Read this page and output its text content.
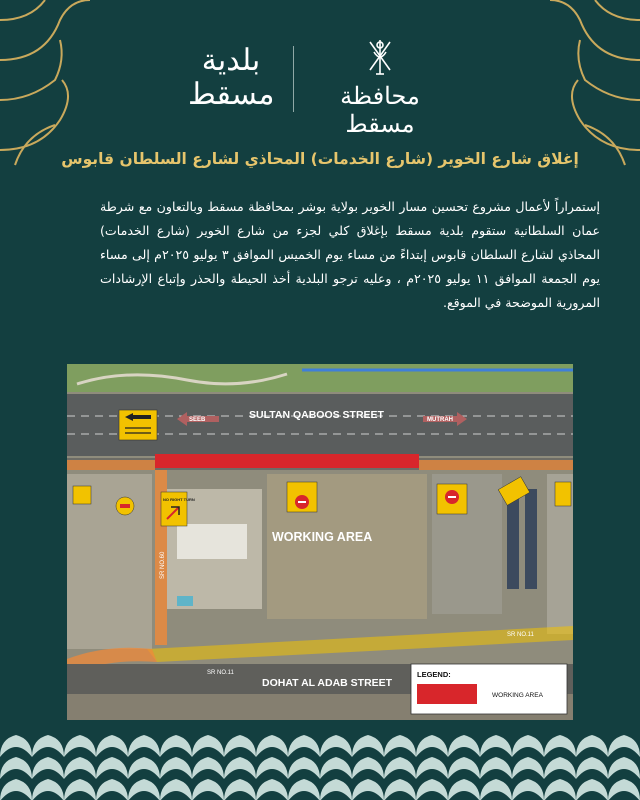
بلدية
مسقط	محافظة مسقط
إغلاق شارع الخوير (شارع الخدمات) المحاذي لشارع السلطان قابوس
إستمراراً لأعمال مشروع تحسين مسار الخوير بولاية بوشر بمحافظة مسقط وبالتعاون مع شرطة عمان السلطانية ستقوم بلدية مسقط بإغلاق كلي لجزء من شارع الخوير (شارع الخدمات) المحاذي لشارع السلطان قابوس إبتداءً من مساء يوم الخميس الموافق ٣ يوليو ٢٠٢٥م إلى مساء يوم الجمعة الموافق ١١ يوليو ٢٠٢٥م ، وعليه ترجو البلدية أخذ الحيطة والحذر وإتباع الإرشادات المرورية الموضحة في الموقع.
SEEB	MUTRAH
SULTAN QABOOS STREET
SR NO.60
SR NO.11
SR NO.11
DOHAT AL ADAB STREET
WORKING AREA
NO RIGHT TURN
LEGEND:
WORKING AREA
